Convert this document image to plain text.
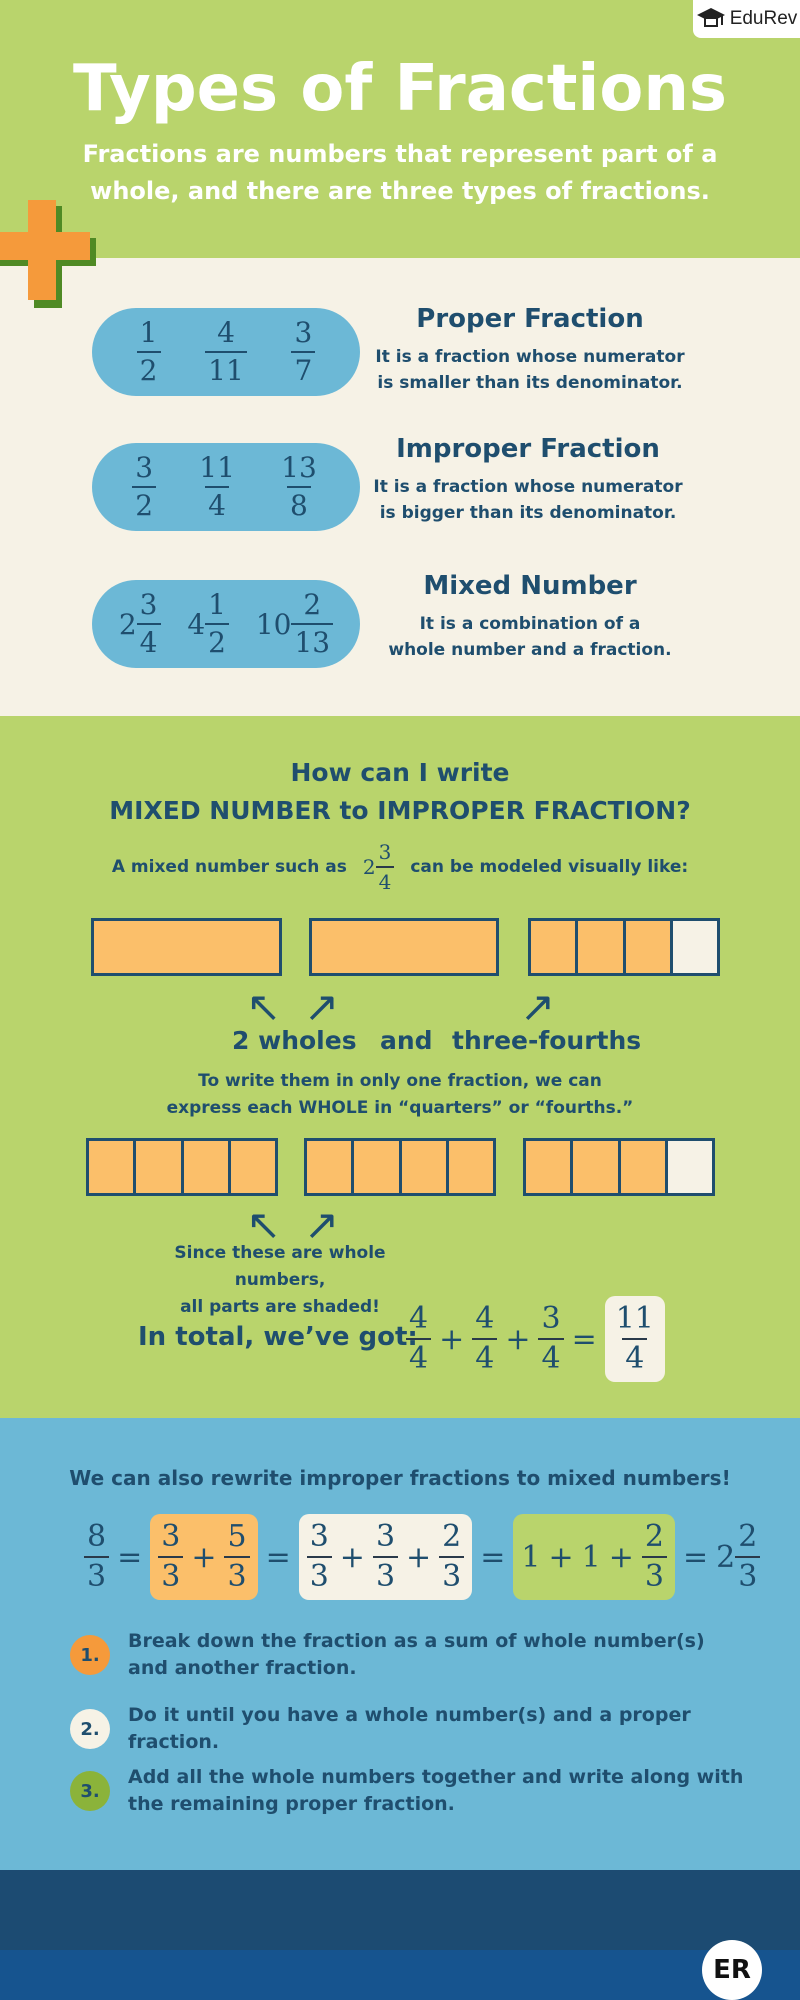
EduRev
Types of Fractions
Fractions are numbers that represent part of a whole, and there are three types of fractions.
$\frac{1}{2} \frac{4}{11} \frac{3}{7}$	Proper Fraction
It is a fraction whose numerator
is smaller than its denominator.
$\frac{3}{2} \frac{11}{4} \frac{13}{8}$
Improper Fraction
It is a fraction whose numerator
is bigger than its denominator.
$2 \frac{3}{4} 4 \frac{1}{2} 10 \frac{2}{13}$
Mixed Number
It is a combination of a
whole number and a fraction.
How can I write
MIXED NUMBER to IMPROPER FRACTION?
A mixed number such as $2 \frac{3}{4}$ can be modeled visually like:
↖ ↗	↗
2 wholes and three-fourths
To write them in only one fraction, we can
express each WHOLE in “quarters” or “fourths.”
↖ ↗
Since these are whole numbers,
all parts are shaded!
In total, we’ve got:
$\frac{4}{4} + \frac{4}{4} + \frac{3}{4} = \frac{11}{4}$
We can also rewrite improper fractions to mixed numbers!
$\frac{8}{3} = \frac{3}{3} + \frac{5}{3} = \frac{3}{3} + \frac{3}{3} + \frac{2}{3} = 1 + 1 + \frac{2}{3} = 2 \frac{2}{3}$
1.
Break down the fraction as a sum of whole number(s) and another fraction.
2.
Do it until you have a whole number(s) and a proper fraction.
3.
Add all the whole numbers together and write along with the remaining proper fraction.
ER
